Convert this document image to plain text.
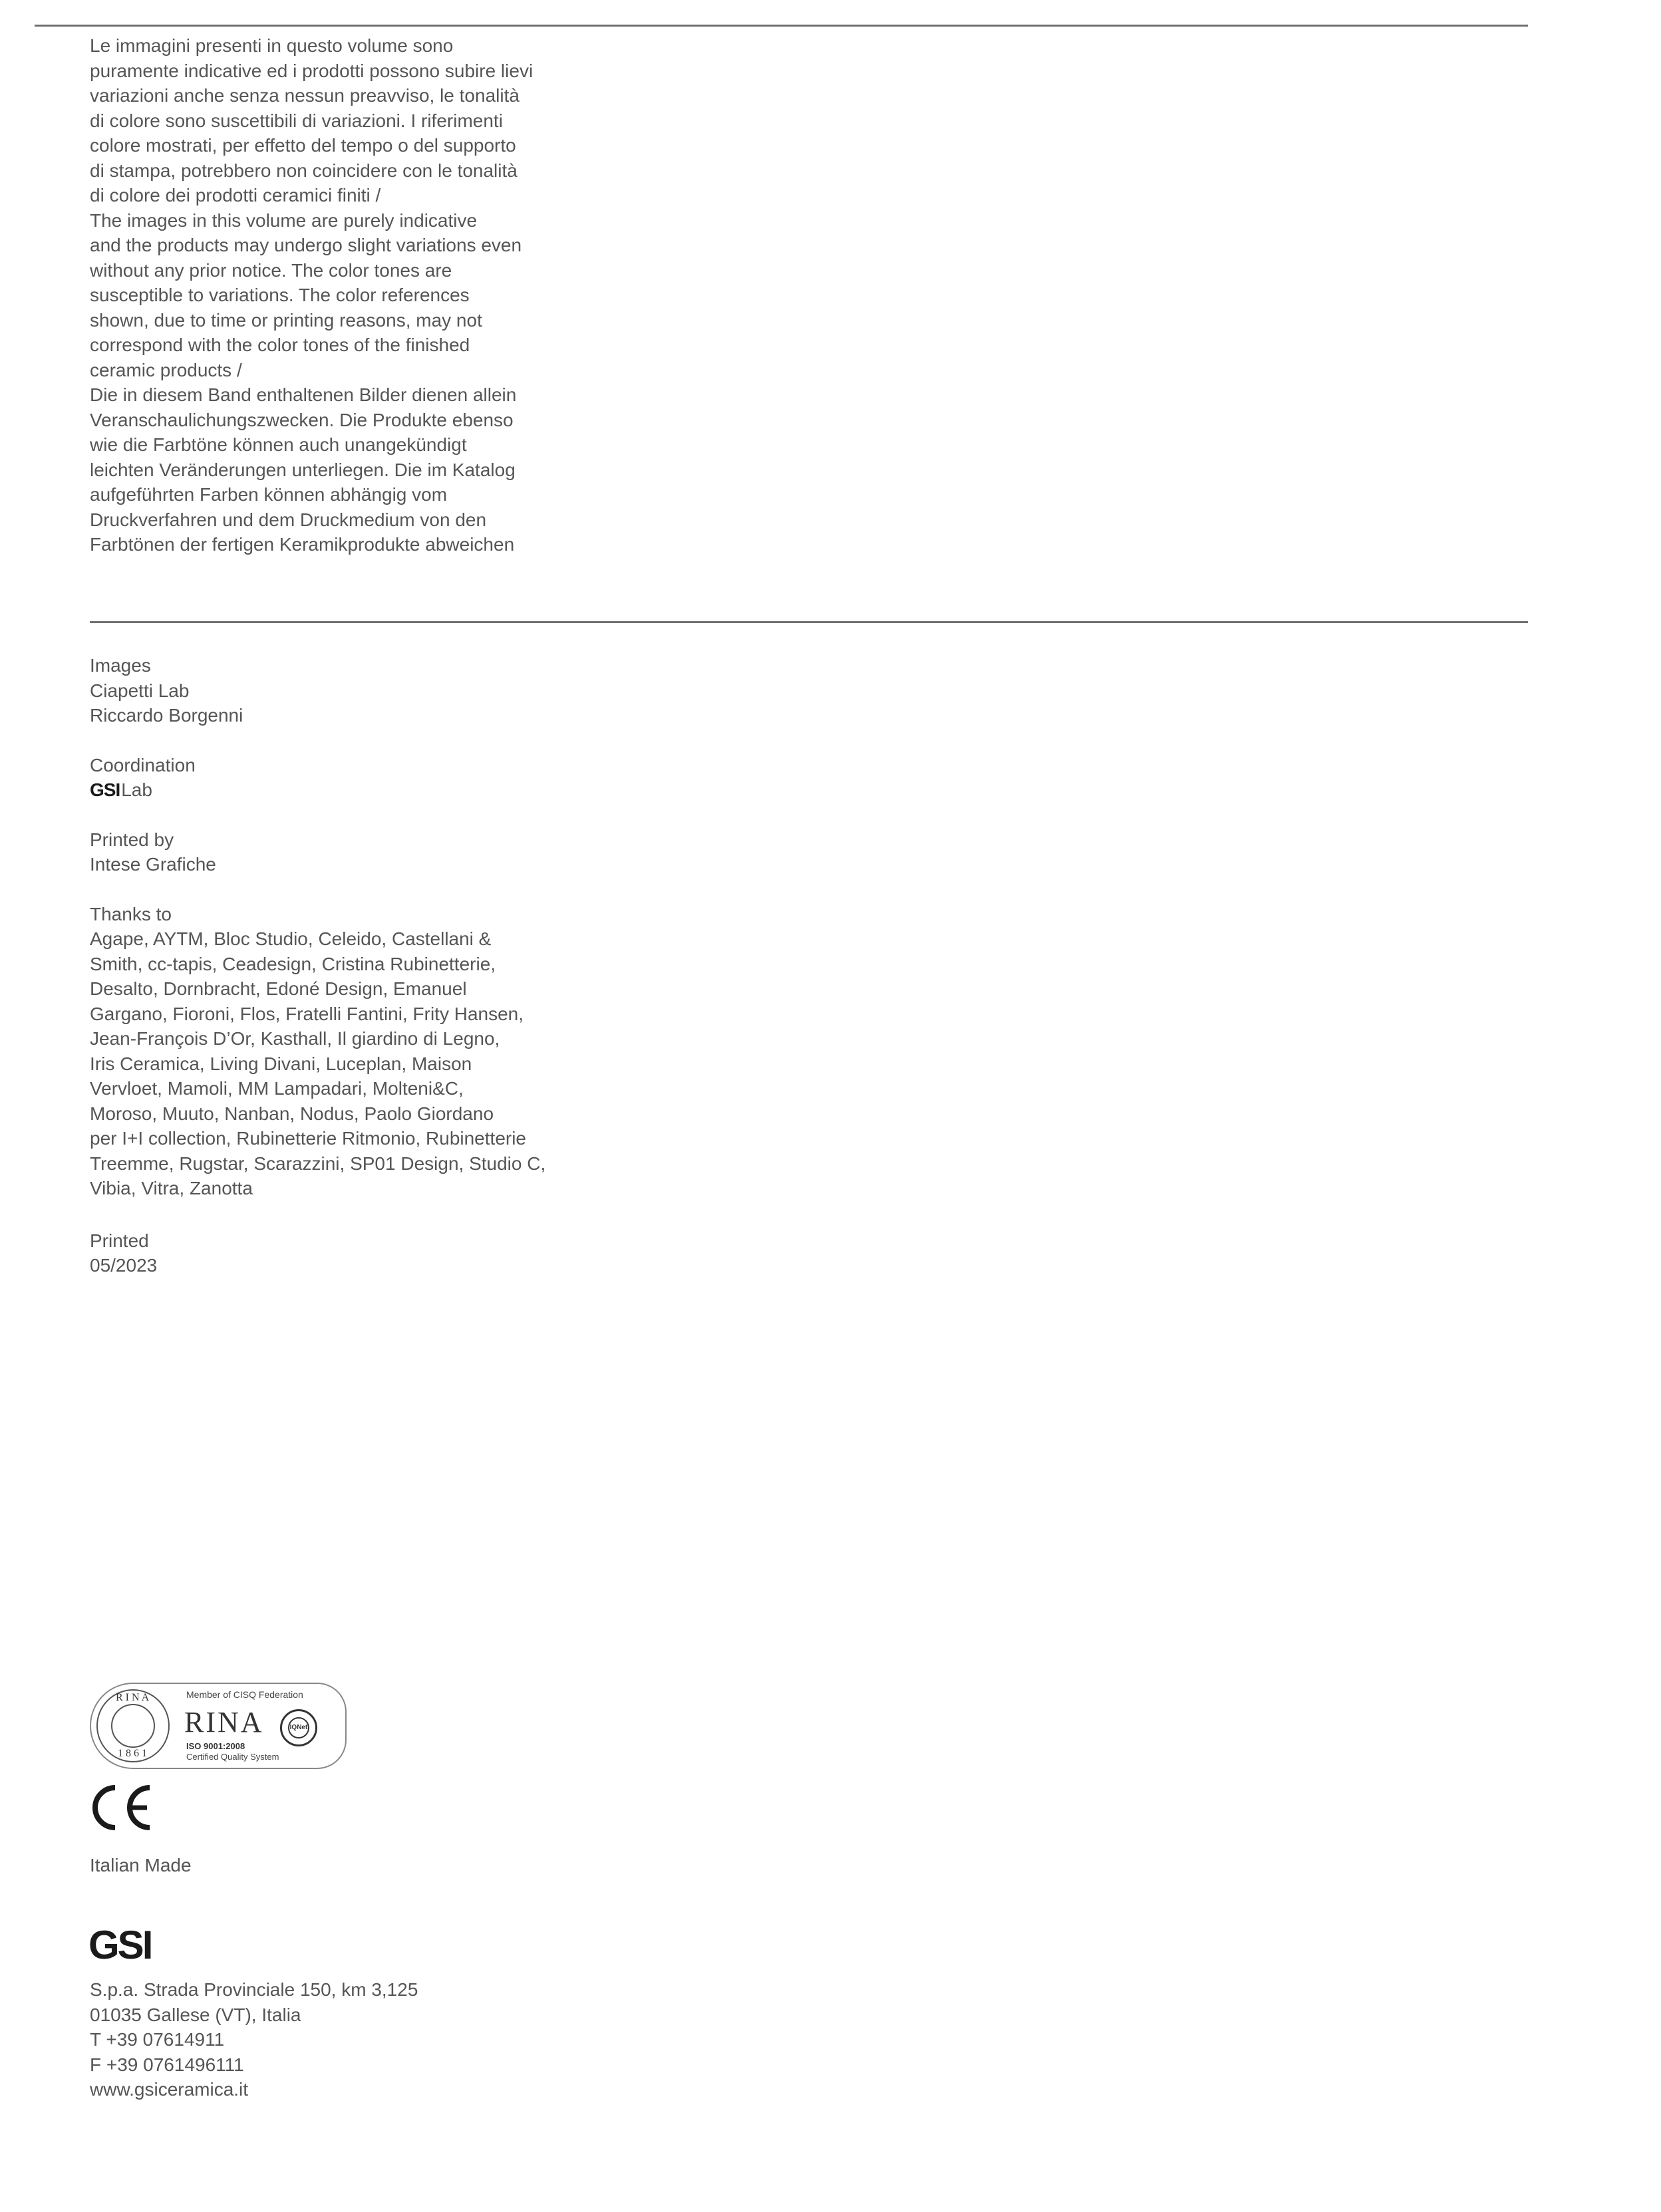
Le immagini presenti in questo volume sono

puramente indicative ed i prodotti possono subire lievi

variazioni anche senza nessun preavviso, le tonalità

di colore sono suscettibili di variazioni. I riferimenti

colore mostrati, per effetto del tempo o del supporto

di stampa, potrebbero non coincidere con le tonalità

di colore dei prodotti ceramici finiti /

The images in this volume are purely indicative

and the products may undergo slight variations even

without any prior notice. The color tones are

susceptible to variations. The color references

shown, due to time or printing reasons, may not

correspond with the color tones of the finished

ceramic products /

Die in diesem Band enthaltenen Bilder dienen allein

Veranschaulichungszwecken. Die Produkte ebenso

wie die Farbtöne können auch unangekündigt

leichten Veränderungen unterliegen. Die im Katalog

aufgeführten Farben können abhängig vom

Druckverfahren und dem Druckmedium von den

Farbtönen der fertigen Keramikprodukte abweichen

Images

Ciapetti Lab

Riccardo Borgenni

Coordination

GSILab

Printed by

Intese Grafiche

Thanks to

Agape, AYTM, Bloc Studio, Celeido, Castellani &

Smith, cc-tapis, Ceadesign, Cristina Rubinetterie,

Desalto, Dornbracht, Edoné Design, Emanuel

Gargano, Fioroni, Flos, Fratelli Fantini, Frity Hansen,

Jean-François D’Or, Kasthall, Il giardino di Legno,

Iris Ceramica, Living Divani, Luceplan, Maison

Vervloet, Mamoli, MM Lampadari, Molteni&C,

Moroso, Muuto, Nanban, Nodus, Paolo Giordano

per I+I collection, Rubinetterie Ritmonio, Rubinetterie

Treemme, Rugstar, Scarazzini, SP01 Design, Studio C,

Vibia, Vitra, Zanotta

Printed

05/2023

R I N A
1 8 6 1
Member of CISQ Federation
RINA
ISO 9001:2008
Certified Quality System
IQNet

Italian Made

GSI

S.p.a. Strada Provinciale 150, km 3,125

01035 Gallese (VT), Italia

T +39 07614911

F +39 0761496111

www.gsiceramica.it
